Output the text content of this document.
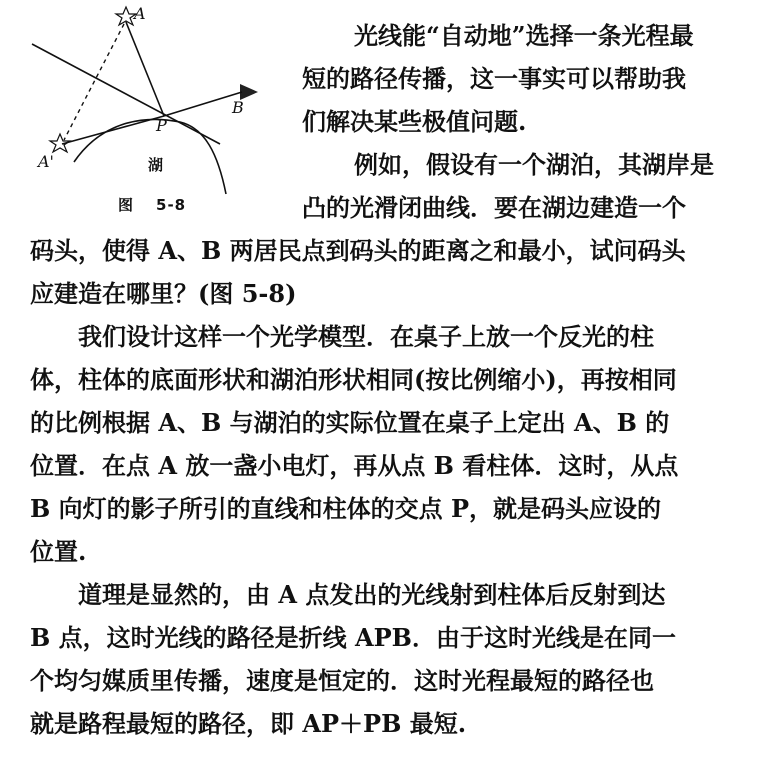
A
A'
B
P
湖
图 5-8

光线能“自动地”选择一条光程最

短的路径传播，这一事实可以帮助我

们解决某些极值问题.

例如，假设有一个湖泊，其湖岸是

凸的光滑闭曲线．要在湖边建造一个

码头，使得 A、B 两居民点到码头的距离之和最小，试问码头

应建造在哪里？(图 5-8)

我们设计这样一个光学模型．在桌子上放一个反光的柱

体，柱体的底面形状和湖泊形状相同(按比例缩小)，再按相同

的比例根据 A、B 与湖泊的实际位置在桌子上定出 A、B 的

位置．在点 A 放一盏小电灯，再从点 B 看柱体．这时，从点

B 向灯的影子所引的直线和柱体的交点 P，就是码头应设的

位置.

道理是显然的，由 A 点发出的光线射到柱体后反射到达

B 点，这时光线的路径是折线 APB．由于这时光线是在同一

个均匀媒质里传播，速度是恒定的．这时光程最短的路径也

就是路程最短的路径，即 AP＋PB 最短.
